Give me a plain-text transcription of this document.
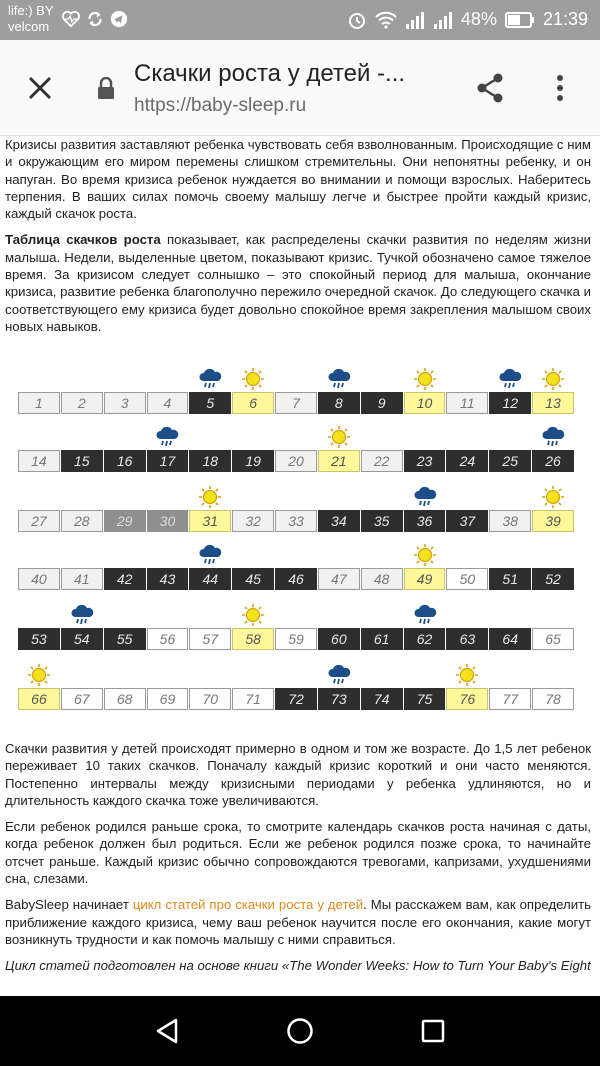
life:) BY
velcom	48%	21:39
Скачки роста у детей -...
https://baby-sleep.ru

Кризисы развития заставляют ребенка чувствовать себя взволнованным. Происходящие с ним и окружающим его миром перемены слишком стремительны. Они непонятны ребенку, и он напуган. Во время кризиса ребенок нуждается во внимании и помощи взрослых. Наберитесь терпения. В ваших силах помочь своему малышу легче и быстрее пройти каждый кризис, каждый скачок роста.

Таблица скачков роста показывает, как распределены скачки развития по неделям жизни малыша. Недели, выделенные цветом, показывают кризис. Тучкой обозначено самое тяжелое время. За кризисом следует солнышко – это спокойный период для малыша, окончание кризиса, развитие ребенка благополучно пережило очередной скачок. До следующего скачка и соответствующего ему кризиса будет довольно спокойное время закрепления малышом своих новых навыков.

1	2	3	4	5	6	7	8	9	10	11	12	13
14	15	16	17	18	19	20	21	22	23	24	25	26
27	28	29	30	31	32	33	34	35	36	37	38	39
40	41	42	43	44	45	46	47	48	49	50	51	52
53	54	55	56	57	58	59	60	61	62	63	64	65
66	67	68	69	70	71	72	73	74	75	76	77	78

Скачки развития у детей происходят примерно в одном и том же возрасте. До 1,5 лет ребенок переживает 10 таких скачков. Поначалу каждый кризис короткий и они часто меняются. Постепенно интервалы между кризисными периодами у ребенка удлиняются, но и длительность каждого скачка тоже увеличиваются.

Если ребенок родился раньше срока, то смотрите календарь скачков роста начиная с даты, когда ребенок должен был родиться. Если же ребенок родился позже срока, то начинайте отсчет раньше. Каждый кризис обычно сопровождаются тревогами, капризами, ухудшениями сна, слезами.

BabySleep начинает цикл статей про скачки роста у детей. Мы расскажем вам, как определить приближение каждого кризиса, чему ваш ребенок научится после его окончания, какие могут возникнуть трудности и как помочь малышу с ними справиться.

Цикл статей подготовлен на основе книги «The Wonder Weeks: How to Turn Your Baby's Eight
